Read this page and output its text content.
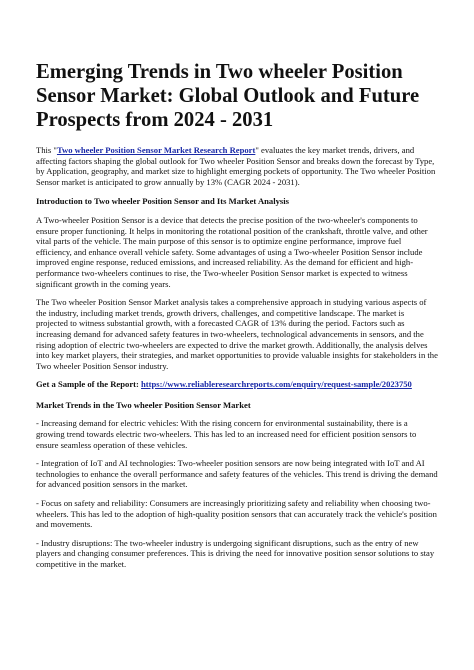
Emerging Trends in Two wheeler Position Sensor Market: Global Outlook and Future Prospects from 2024 - 2031

This "Two wheeler Position Sensor Market Research Report" evaluates the key market trends, drivers, and affecting factors shaping the global outlook for Two wheeler Position Sensor and breaks down the forecast by Type, by Application, geography, and market size to highlight emerging pockets of opportunity. The Two wheeler Position Sensor market is anticipated to grow annually by 13% (CAGR 2024 - 2031).

Introduction to Two wheeler Position Sensor and Its Market Analysis

A Two-wheeler Position Sensor is a device that detects the precise position of the two-wheeler's components to ensure proper functioning. It helps in monitoring the rotational position of the crankshaft, throttle valve, and other vital parts of the vehicle. The main purpose of this sensor is to optimize engine performance, improve fuel efficiency, and enhance overall vehicle safety. Some advantages of using a Two-wheeler Position Sensor include improved engine response, reduced emissions, and increased reliability. As the demand for efficient and high-performance two-wheelers continues to rise, the Two-wheeler Position Sensor market is expected to witness significant growth in the coming years.

The Two wheeler Position Sensor Market analysis takes a comprehensive approach in studying various aspects of the industry, including market trends, growth drivers, challenges, and competitive landscape. The market is projected to witness substantial growth, with a forecasted CAGR of 13% during the period. Factors such as increasing demand for advanced safety features in two-wheelers, technological advancements in sensors, and the rising adoption of electric two-wheelers are expected to drive the market growth. Additionally, the analysis delves into key market players, their strategies, and market opportunities to provide valuable insights for stakeholders in the Two wheeler Position Sensor industry.

Get a Sample of the Report: https://www.reliableresearchreports.com/enquiry/request-sample/2023750

Market Trends in the Two wheeler Position Sensor Market

- Increasing demand for electric vehicles: With the rising concern for environmental sustainability, there is a growing trend towards electric two-wheelers. This has led to an increased need for efficient position sensors to ensure seamless operation of these vehicles.

- Integration of IoT and AI technologies: Two-wheeler position sensors are now being integrated with IoT and AI technologies to enhance the overall performance and safety features of the vehicles. This trend is driving the demand for advanced position sensors in the market.

- Focus on safety and reliability: Consumers are increasingly prioritizing safety and reliability when choosing two-wheelers. This has led to the adoption of high-quality position sensors that can accurately track the vehicle's position and movements.

- Industry disruptions: The two-wheeler industry is undergoing significant disruptions, such as the entry of new players and changing consumer preferences. This is driving the need for innovative position sensor solutions to stay competitive in the market.
